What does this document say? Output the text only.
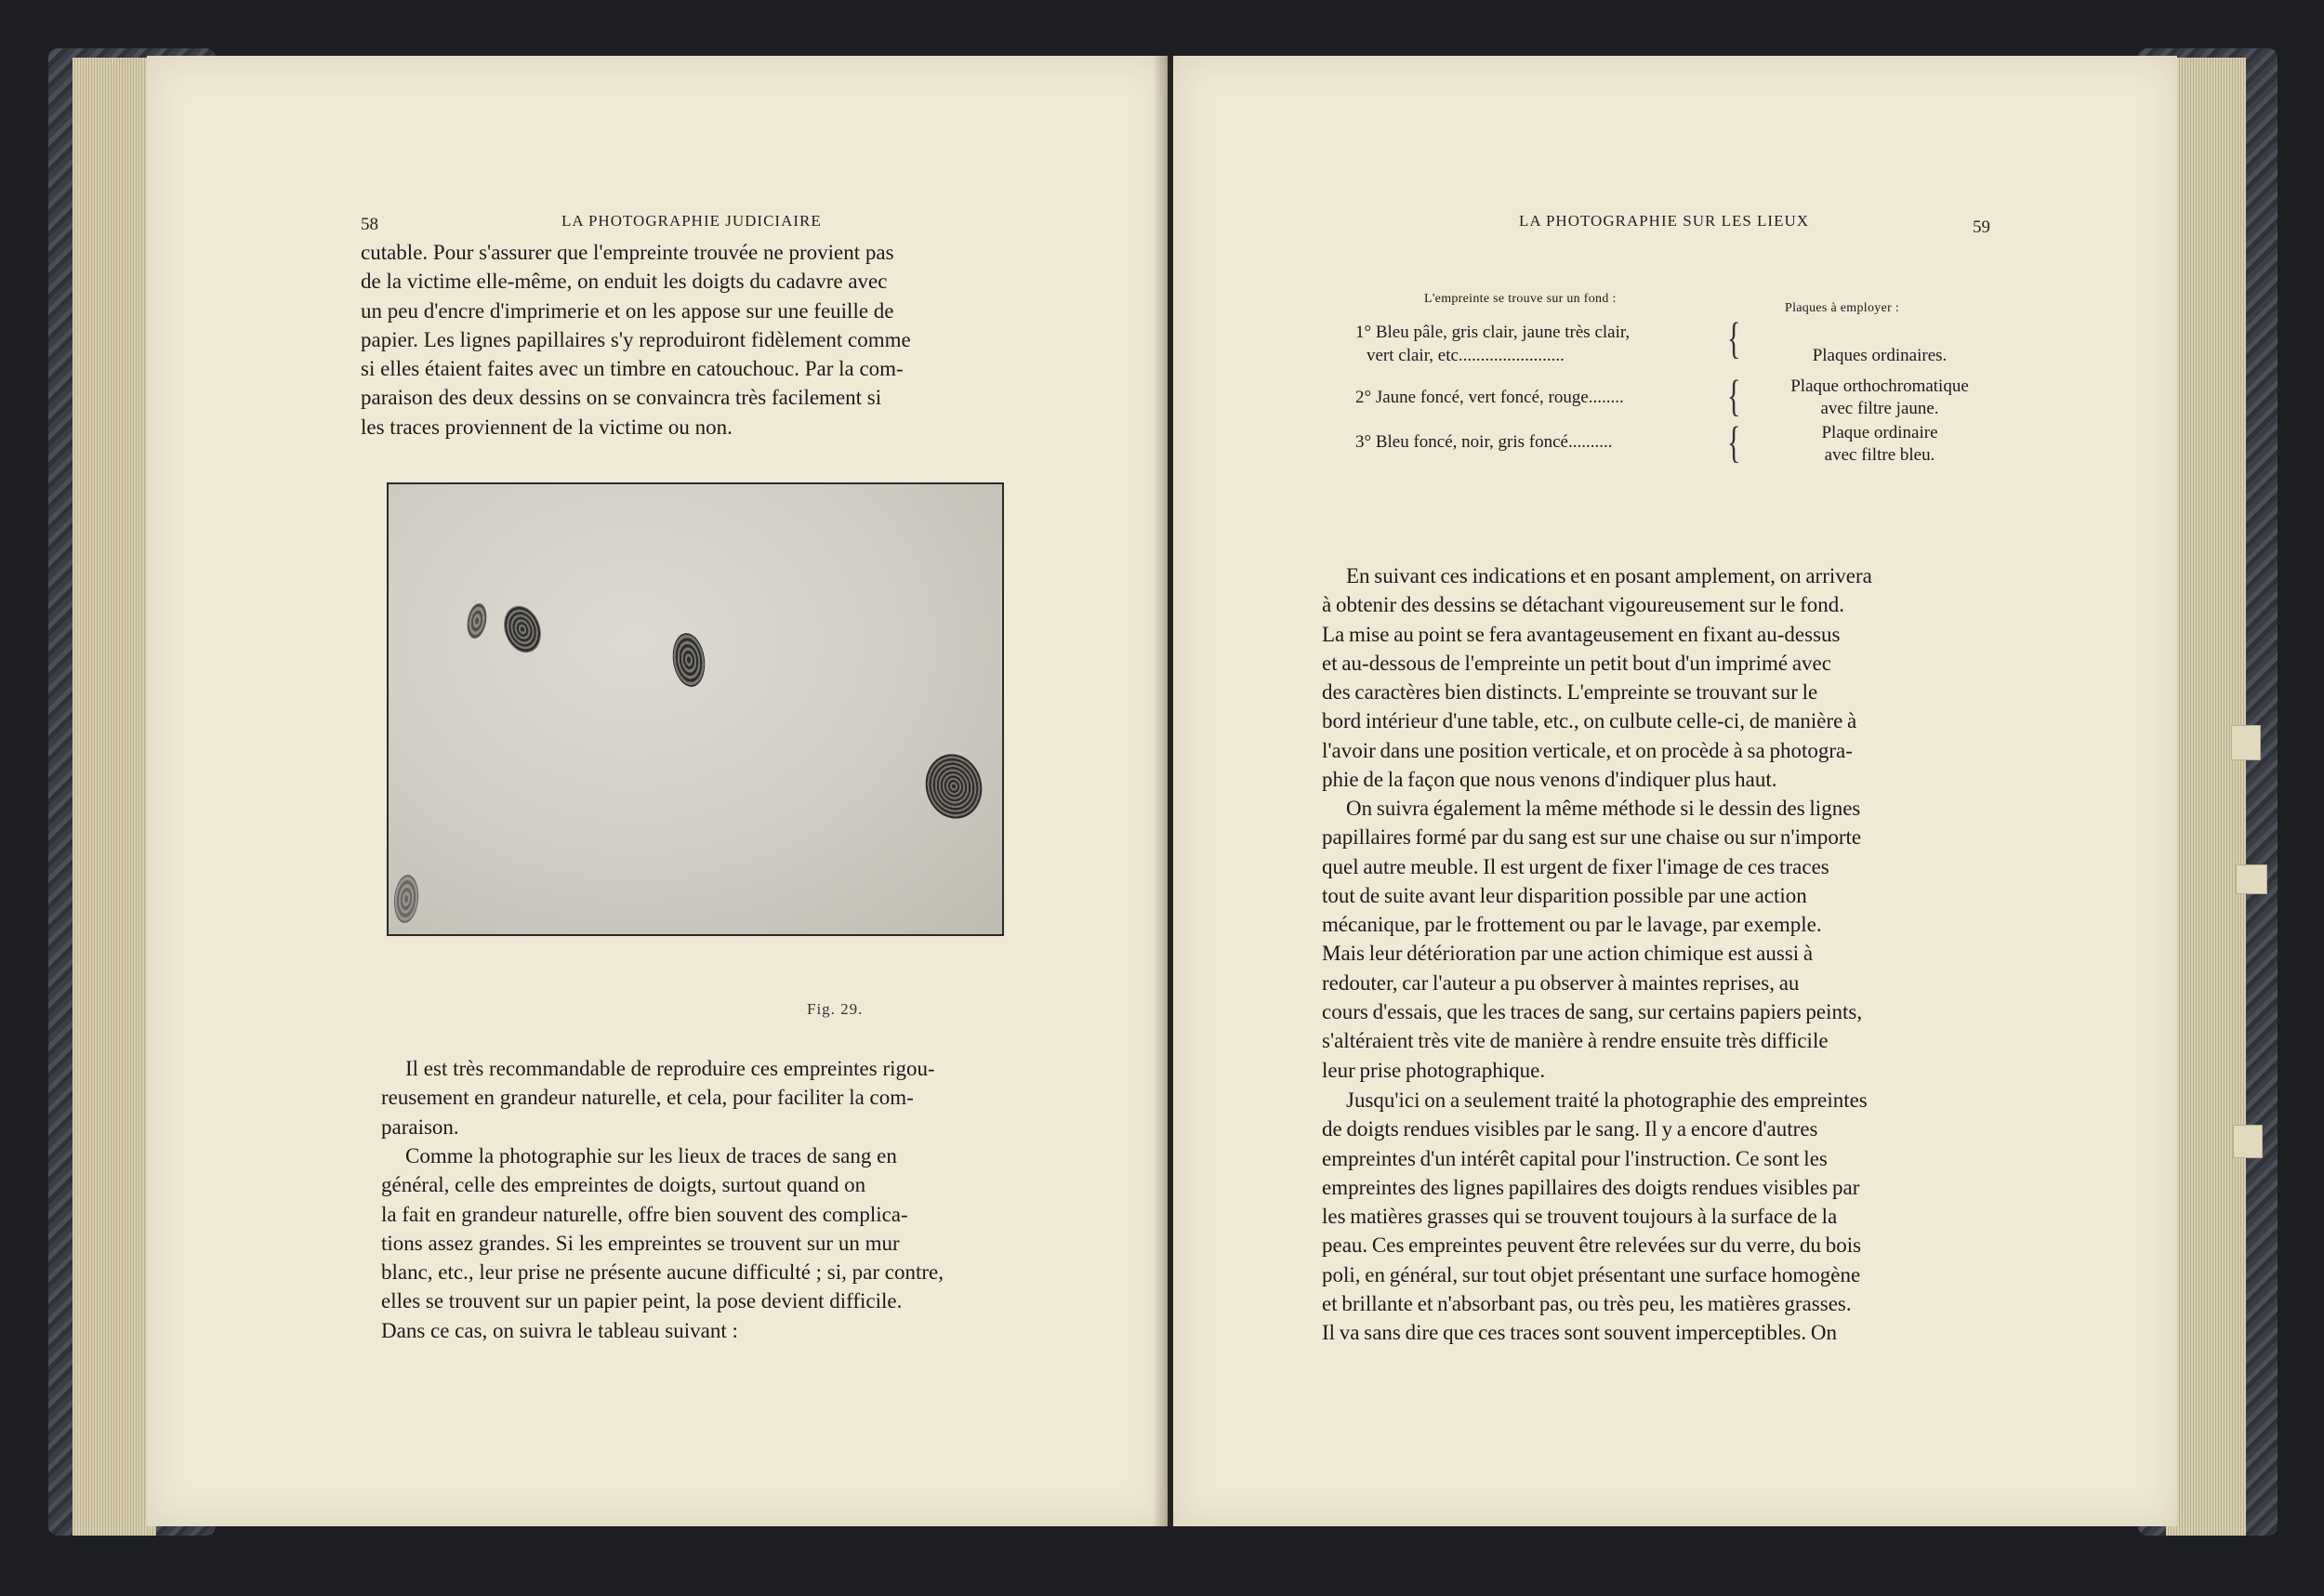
58	LA PHOTOGRAPHIE JUDICIAIRE

cutable. Pour s'assurer que l'empreinte trouvée ne provient pas

de la victime elle-même, on enduit les doigts du cadavre avec

un peu d'encre d'imprimerie et on les appose sur une feuille de

papier. Les lignes papillaires s'y reproduiront fidèlement comme

si elles étaient faites avec un timbre en catouchouc. Par la com-

paraison des deux dessins on se convaincra très facilement si

les traces proviennent de la victime ou non.

Fig. 29.

Il est très recommandable de reproduire ces empreintes rigou-

reusement en grandeur naturelle, et cela, pour faciliter la com-

paraison.

Comme la photographie sur les lieux de traces de sang en

général, celle des empreintes de doigts, surtout quand on

la fait en grandeur naturelle, offre bien souvent des complica-

tions assez grandes. Si les empreintes se trouvent sur un mur

blanc, etc., leur prise ne présente aucune difficulté ; si, par contre,

elles se trouvent sur un papier peint, la pose devient difficile.

Dans ce cas, on suivra le tableau suivant :

LA PHOTOGRAPHIE SUR LES LIEUX	59
L'empreinte se trouve sur un fond :
Plaques à employer :
1° Bleu pâle, gris clair, jaune très clair,
vert clair, etc........................	{	Plaques ordinaires.
2° Jaune foncé, vert foncé, rouge........	{	Plaque orthochromatique
avec filtre jaune.
3° Bleu foncé, noir, gris foncé..........	{	Plaque ordinaire
avec filtre bleu.

En suivant ces indications et en posant amplement, on arrivera

à obtenir des dessins se détachant vigoureusement sur le fond.

La mise au point se fera avantageusement en fixant au-dessus

et au-dessous de l'empreinte un petit bout d'un imprimé avec

des caractères bien distincts. L'empreinte se trouvant sur le

bord intérieur d'une table, etc., on culbute celle-ci, de manière à

l'avoir dans une position verticale, et on procède à sa photogra-

phie de la façon que nous venons d'indiquer plus haut.

On suivra également la même méthode si le dessin des lignes

papillaires formé par du sang est sur une chaise ou sur n'importe

quel autre meuble. Il est urgent de fixer l'image de ces traces

tout de suite avant leur disparition possible par une action

mécanique, par le frottement ou par le lavage, par exemple.

Mais leur détérioration par une action chimique est aussi à

redouter, car l'auteur a pu observer à maintes reprises, au

cours d'essais, que les traces de sang, sur certains papiers peints,

s'altéraient très vite de manière à rendre ensuite très difficile

leur prise photographique.

Jusqu'ici on a seulement traité la photographie des empreintes

de doigts rendues visibles par le sang. Il y a encore d'autres

empreintes d'un intérêt capital pour l'instruction. Ce sont les

empreintes des lignes papillaires des doigts rendues visibles par

les matières grasses qui se trouvent toujours à la surface de la

peau. Ces empreintes peuvent être relevées sur du verre, du bois

poli, en général, sur tout objet présentant une surface homogène

et brillante et n'absorbant pas, ou très peu, les matières grasses.

Il va sans dire que ces traces sont souvent imperceptibles. On
